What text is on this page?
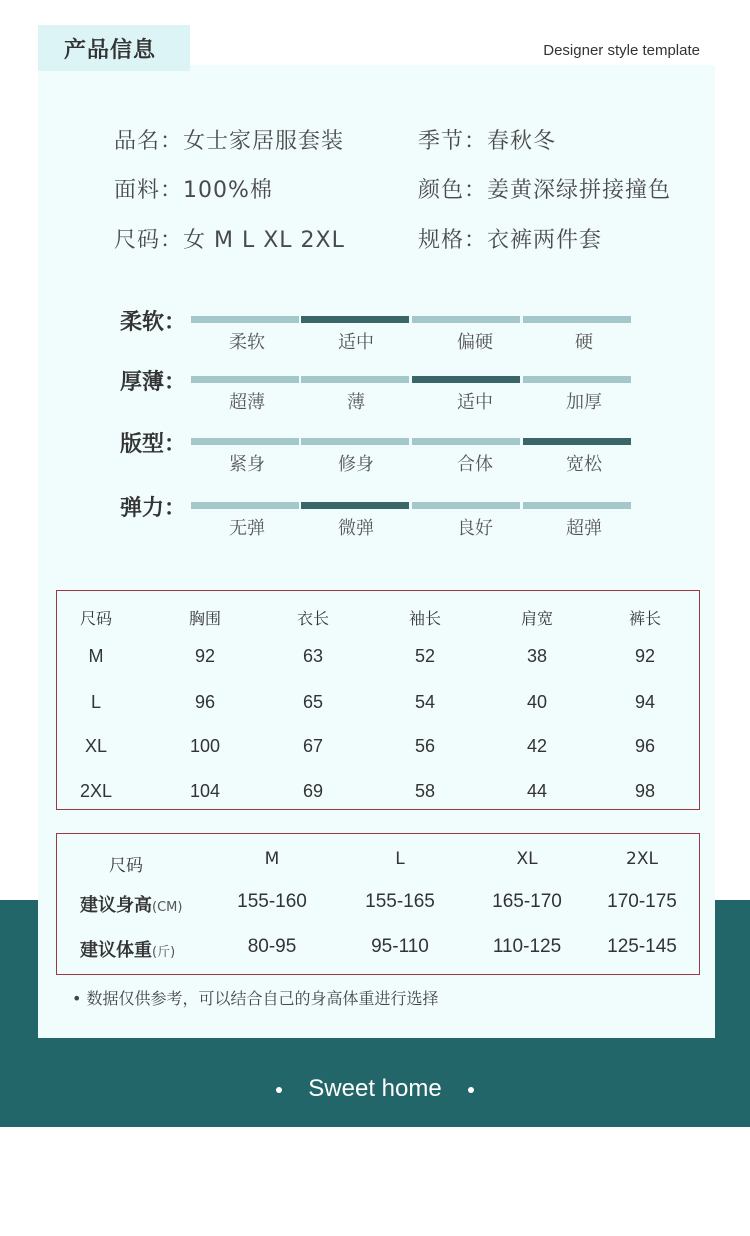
产品信息	Designer style template
品名：女士家居服套装	季节：春秋冬
面料：100%棉	颜色：姜黄深绿拼接撞色
尺码：女 M L XL 2XL	规格：衣裤两件套
柔软：
柔软	适中	偏硬	硬
厚薄：
超薄	薄	适中	加厚
版型：
紧身	修身	合体	宽松
弹力：
无弹	微弹	良好	超弹
尺码	胸围	衣长	袖长	肩宽	裤长
M	92	63	52	38	92
L	96	65	54	40	94
XL	100	67	56	42	96
2XL	104	69	58	44	98
尺码	M	L	XL	2XL
建议身高(CM)	155-160	155-165	165-170	170-175
建议体重(斤)	80-95	95-110	110-125	125-145
• 数据仅供参考，可以结合自己的身高体重进行选择
Sweet home
